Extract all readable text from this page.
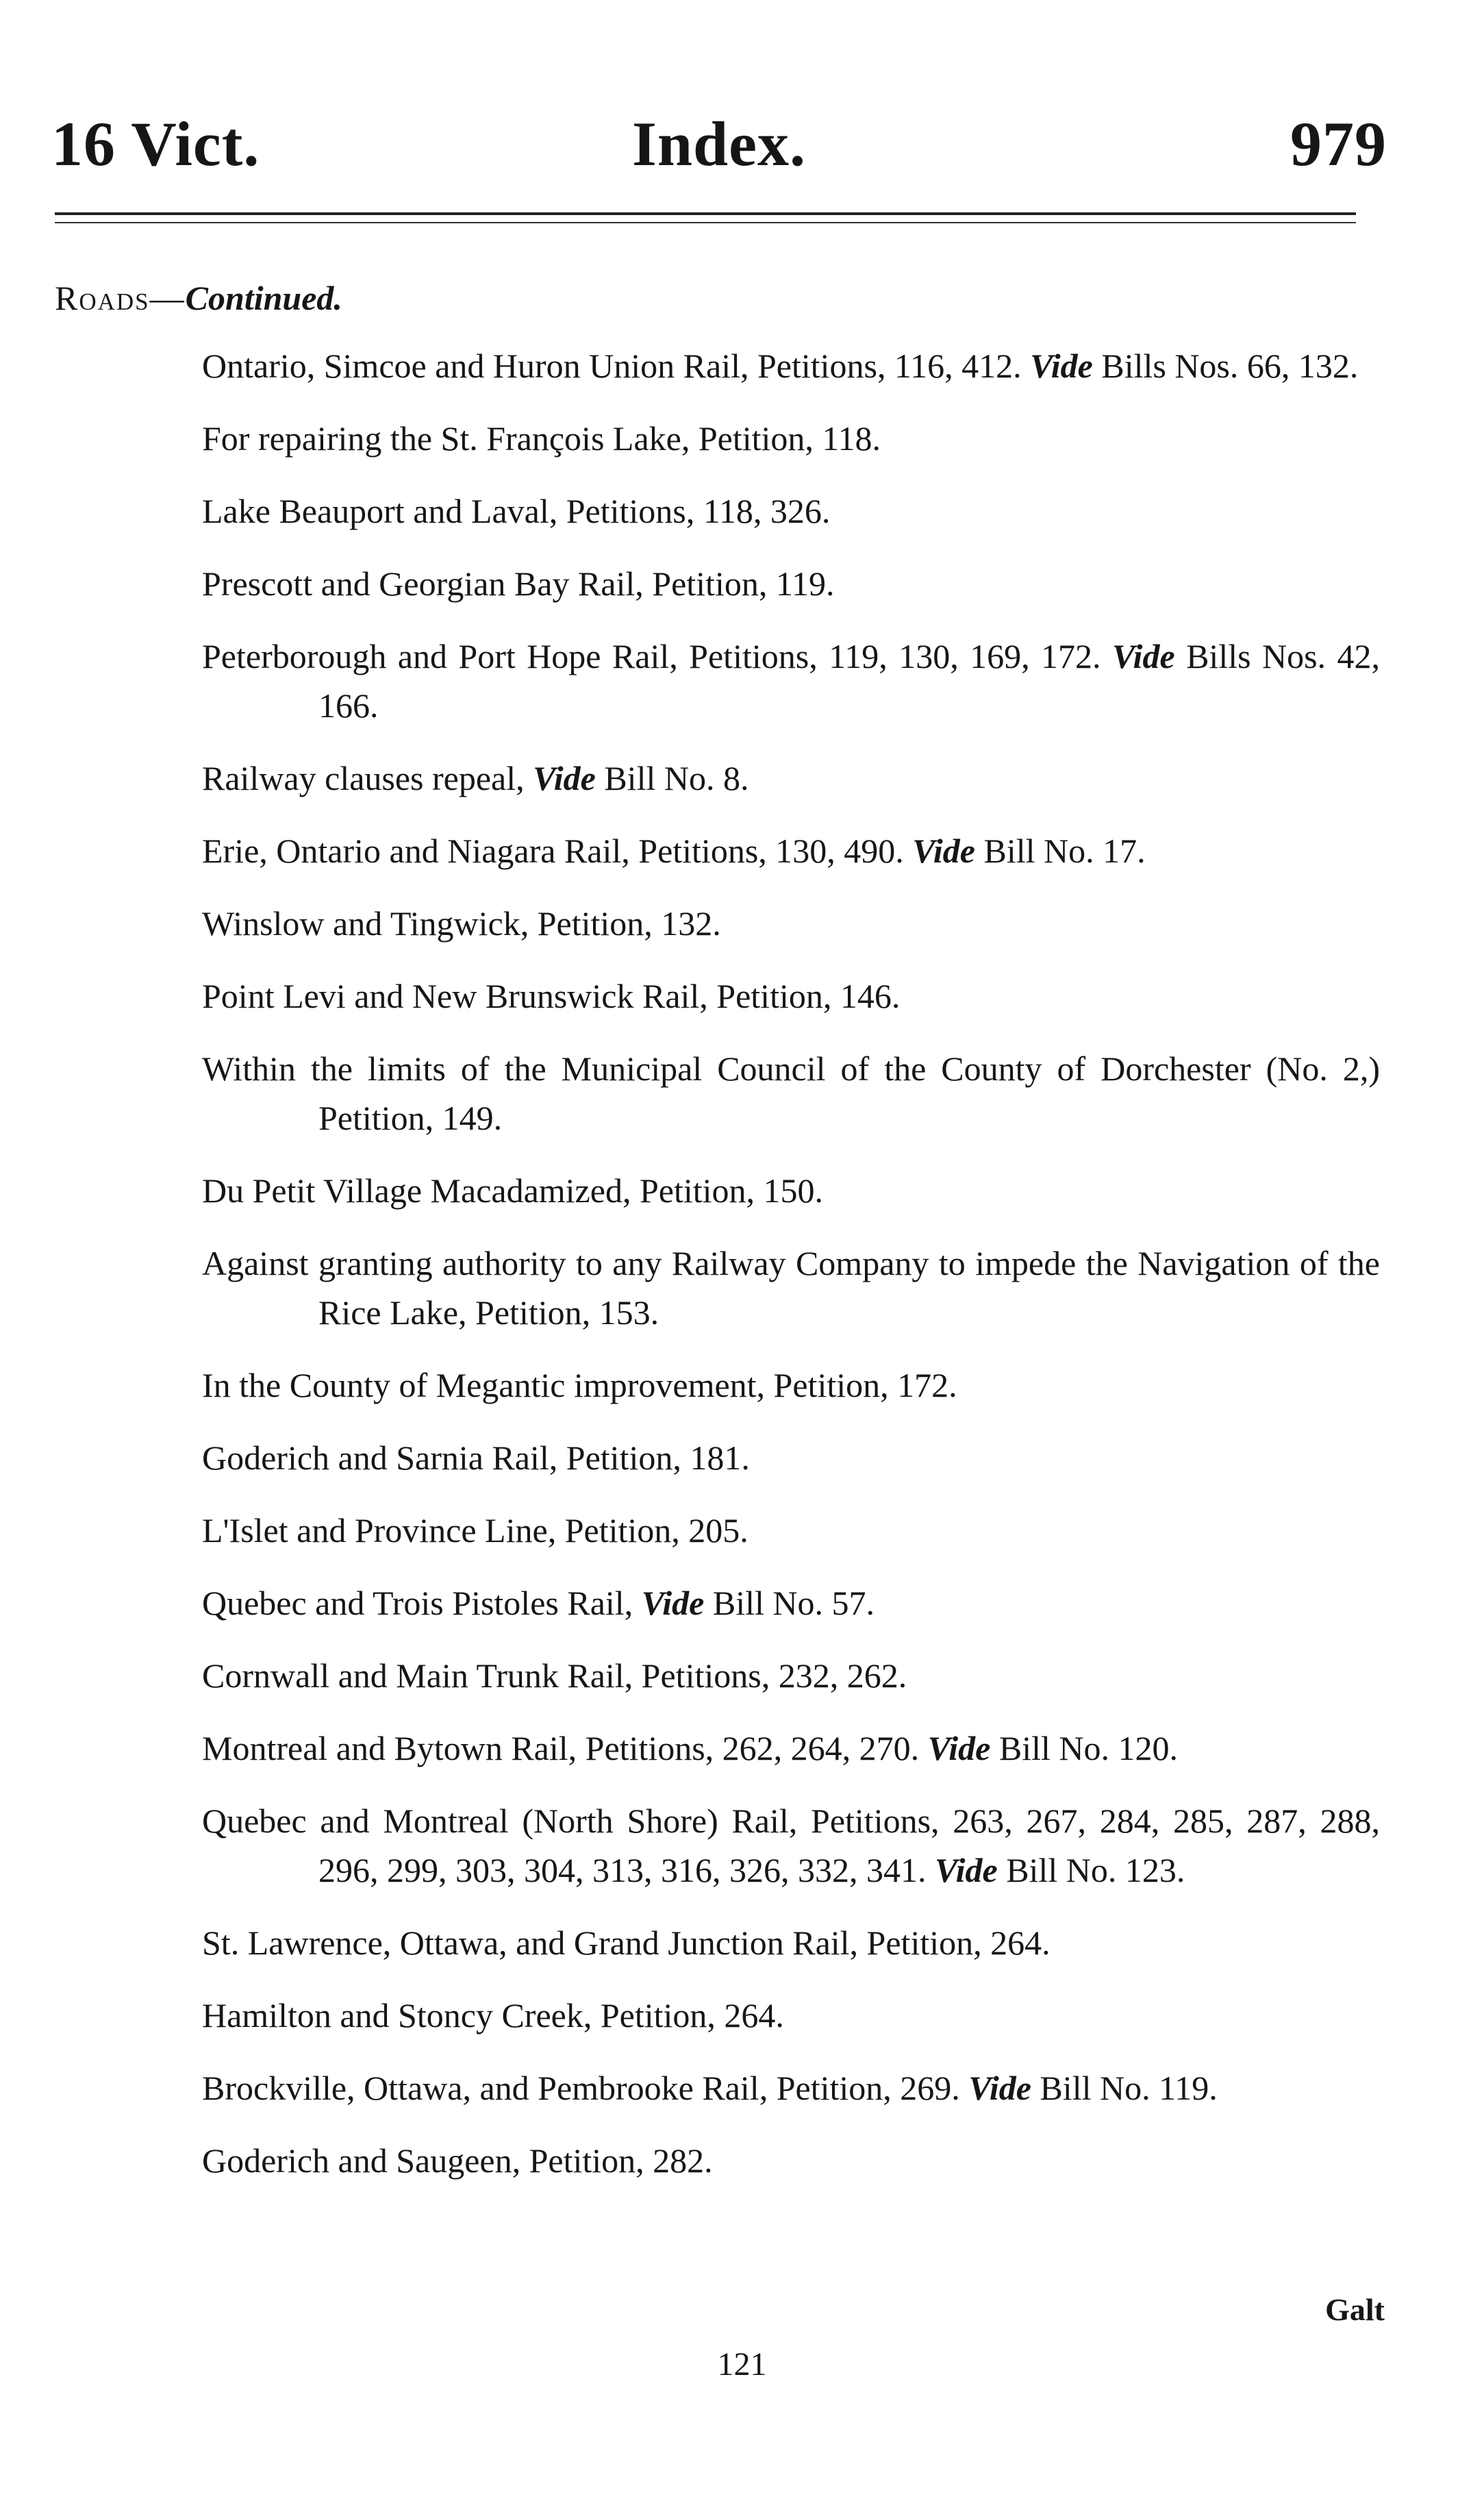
Index.
16 Vict.	979
Roads—Continued.
Ontario, Simcoe and Huron Union Rail, Petitions, 116, 412. Vide Bills Nos. 66, 132.
For repairing the St. François Lake, Petition, 118.
Lake Beauport and Laval, Petitions, 118, 326.
Prescott and Georgian Bay Rail, Petition, 119.
Peterborough and Port Hope Rail, Petitions, 119, 130, 169, 172. Vide Bills Nos. 42, 166.
Railway clauses repeal, Vide Bill No. 8.
Erie, Ontario and Niagara Rail, Petitions, 130, 490. Vide Bill No. 17.
Winslow and Tingwick, Petition, 132.
Point Levi and New Brunswick Rail, Petition, 146.
Within the limits of the Municipal Council of the County of Dorchester (No. 2,) Petition, 149.
Du Petit Village Macadamized, Petition, 150.
Against granting authority to any Railway Company to impede the Navigation of the Rice Lake, Petition, 153.
In the County of Megantic improvement, Petition, 172.
Goderich and Sarnia Rail, Petition, 181.
L'Islet and Province Line, Petition, 205.
Quebec and Trois Pistoles Rail, Vide Bill No. 57.
Cornwall and Main Trunk Rail, Petitions, 232, 262.
Montreal and Bytown Rail, Petitions, 262, 264, 270. Vide Bill No. 120.
Quebec and Montreal (North Shore) Rail, Petitions, 263, 267, 284, 285, 287, 288, 296, 299, 303, 304, 313, 316, 326, 332, 341. Vide Bill No. 123.
St. Lawrence, Ottawa, and Grand Junction Rail, Petition, 264.
Hamilton and Stoncy Creek, Petition, 264.
Brockville, Ottawa, and Pembrooke Rail, Petition, 269. Vide Bill No. 119.
Goderich and Saugeen, Petition, 282.
Galt
121
